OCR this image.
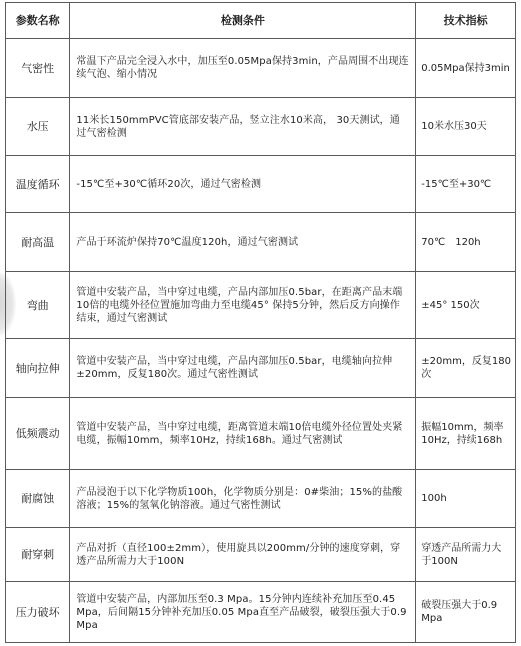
参数名称	检测条件	技术指标
气密性	常温下产品完全浸入水中，加压至0.05Mpa保持3min，产品周围不出现连续气泡、缩小情况	0.05Mpa保持3min
水压	11米长150mmPVC管底部安装产品，竖立注水10米高， 30天测试，通过气密检测	10米水压30天
温度循环	-15℃至+30℃循环20次，通过气密检测	-15℃至+30℃
耐高温	产品于环流炉保持70℃温度120h，通过气密测试	70℃　120h
弯曲	管道中安装产品，当中穿过电缆，产品内部加压0.5bar，在距离产品末端10倍的电缆外径位置施加弯曲力至电缆45° 保持5分钟，然后反方向操作结束，通过气密测试	±45° 150次
轴向拉伸	管道中安装产品，当中穿过电缆，产品内部加压0.5bar，电缆轴向拉伸±20mm，反复180次。通过气密性测试	±20mm，反复180次
低频震动	管道中安装产品，当中穿过电缆，距离管道末端10倍电缆外径位置处夹紧电缆，振幅10mm，频率10Hz，持续168h。通过气密测试	振幅10mm，频率10Hz，持续168h
耐腐蚀	产品浸泡于以下化学物质100h，化学物质分别是：0#柴油；15%的盐酸溶液；15%的氢氧化钠溶液。通过气密性测试	100h
耐穿刺	产品对折（直径100±2mm），使用旋具以200mm/分钟的速度穿刺，穿透产品所需力大于100N	穿透产品所需力大于100N
压力破坏	管道中安装产品，内部加压至0.3 Mpa。15分钟内连续补充加压至0.45 Mpa，后间隔15分钟补充加压0.05 Mpa直至产品破裂，破裂压强大于0.9 Mpa	破裂压强大于0.9 Mpa
